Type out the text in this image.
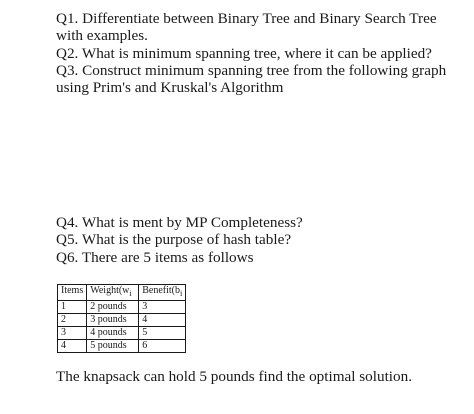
Q1. Differentiate between Binary Tree and Binary Search Tree
with examples.
Q2. What is minimum spanning tree, where it can be applied?
Q3. Construct minimum spanning tree from the following graph
using Prim's and Kruskal's Algorithm
Q4. What is ment by MP Completeness?
Q5. What is the purpose of hash table?
Q6. There are 5 items as follows
Items	$Weight(w_i$	$Benefit(b_i$
1	2 pounds	3
2	3 pounds	4
3	4 pounds	5
4	5 pounds	6
The knapsack can hold 5 pounds find the optimal solution.
